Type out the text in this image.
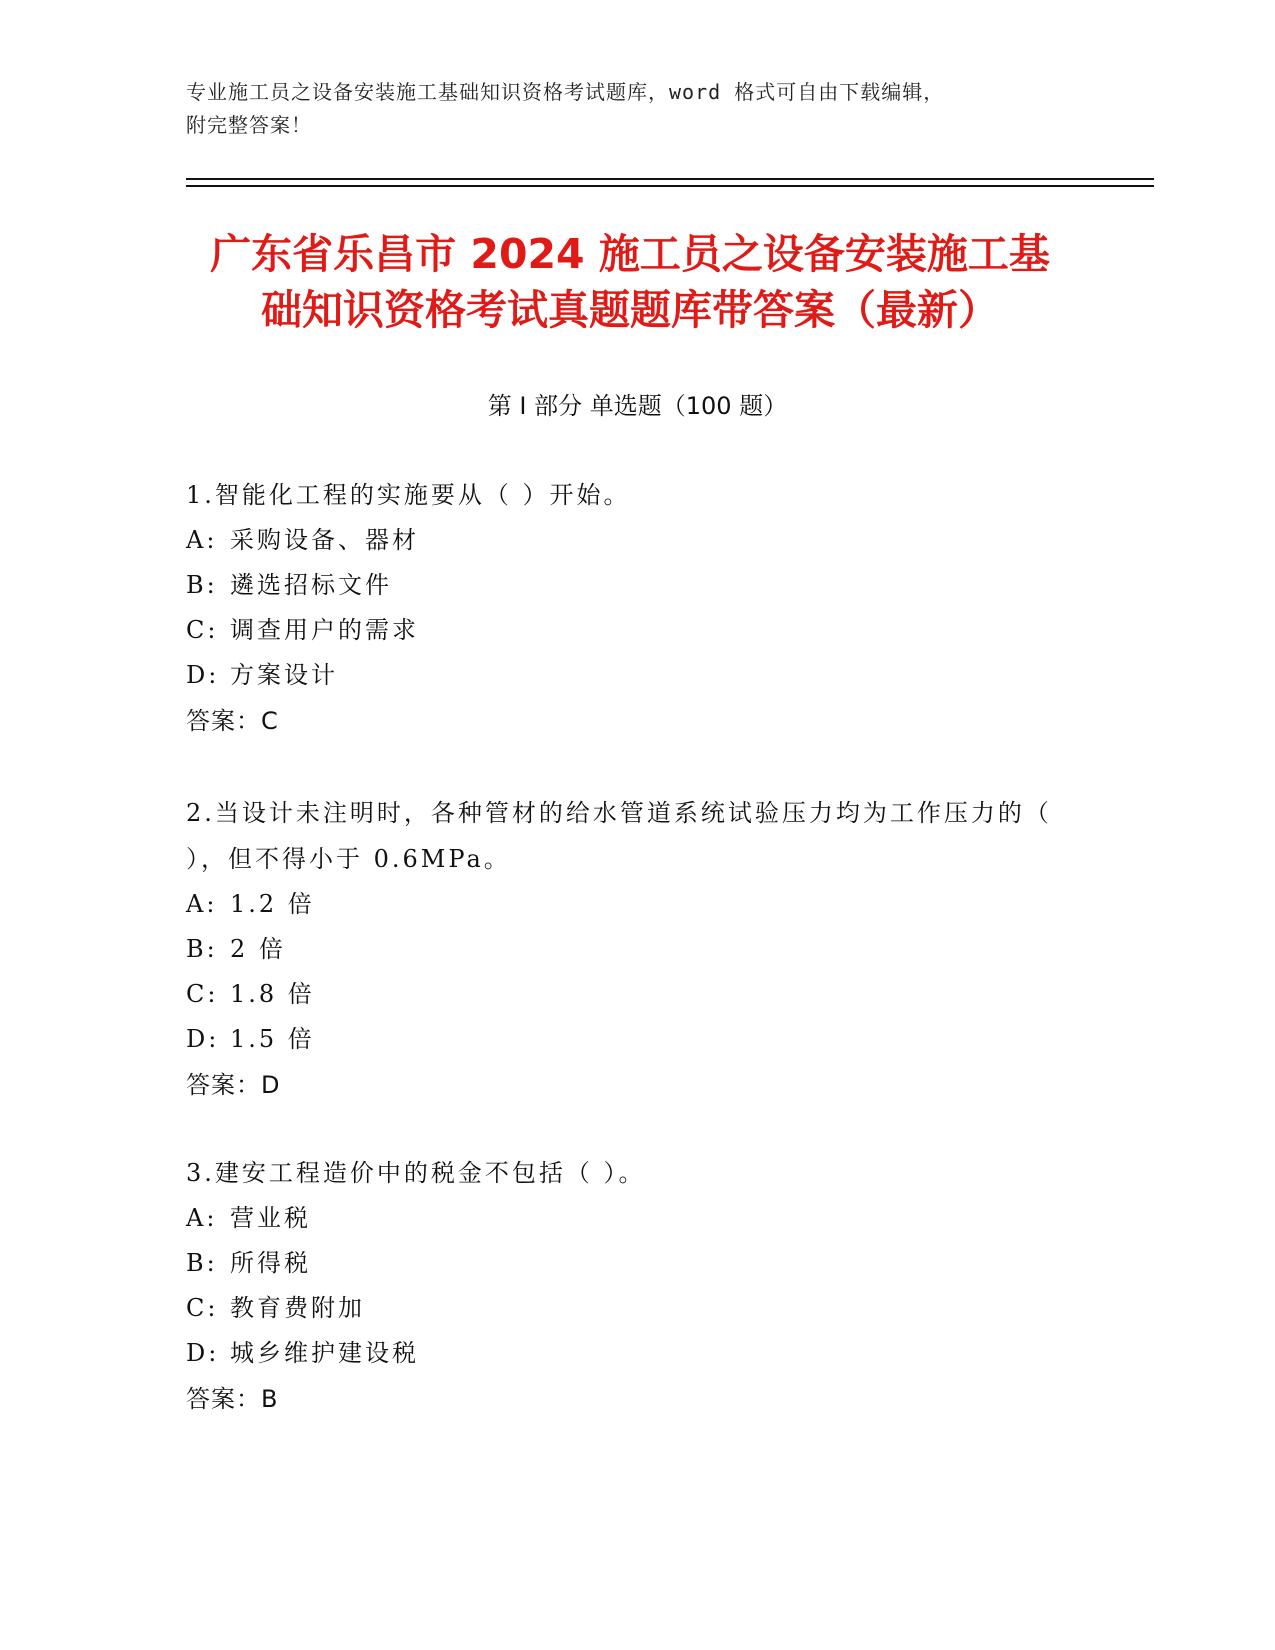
专业施工员之设备安装施工基础知识资格考试题库，word 格式可自由下载编辑，
附完整答案！
广东省乐昌市 2024 施工员之设备安装施工基
础知识资格考试真题题库带答案（最新）
第 I 部分 单选题（100 题）

1.智能化工程的实施要从（ ）开始。

A: 采购设备、器材

B: 遴选招标文件

C: 调查用户的需求

D: 方案设计

答案：C

2.当设计未注明时，各种管材的给水管道系统试验压力均为工作压力的（ ），但不得小于 0.6MPa。

A: 1.2 倍

B: 2 倍

C: 1.8 倍

D: 1.5 倍

答案：D

3.建安工程造价中的税金不包括（ ）。

A: 营业税

B: 所得税

C: 教育费附加

D: 城乡维护建设税

答案：B
